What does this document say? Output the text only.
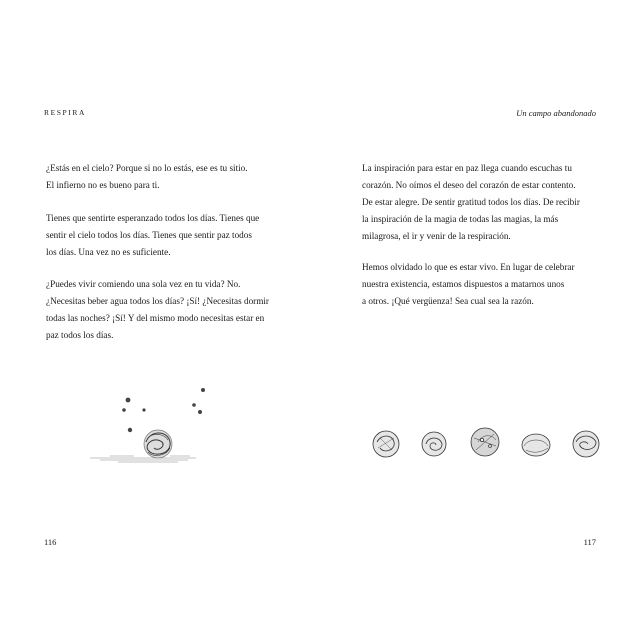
RESPIRA

¿Estás en el cielo? Porque si no lo estás, ese es tu sitio.
El infierno no es bueno para ti.

Tienes que sentirte esperanzado todos los días. Tienes que
sentir el cielo todos los días. Tienes que sentir paz todos
los días. Una vez no es suficiente.

¿Puedes vivir comiendo una sola vez en tu vida? No.
¿Necesitas beber agua todos los días? ¡Sí! ¿Necesitas dormir
todas las noches? ¡Sí! Y del mismo modo necesitas estar en
paz todos los días.

116
Un campo abandonado

La inspiración para estar en paz llega cuando escuchas tu
corazón. No oímos el deseo del corazón de estar contento.
De estar alegre. De sentir gratitud todos los días. De recibir
la inspiración de la magia de todas las magias, la más
milagrosa, el ir y venir de la respiración.

Hemos olvidado lo que es estar vivo. En lugar de celebrar
nuestra existencia, estamos dispuestos a matarnos unos
a otros. ¡Qué vergüenza! Sea cual sea la razón.

117
